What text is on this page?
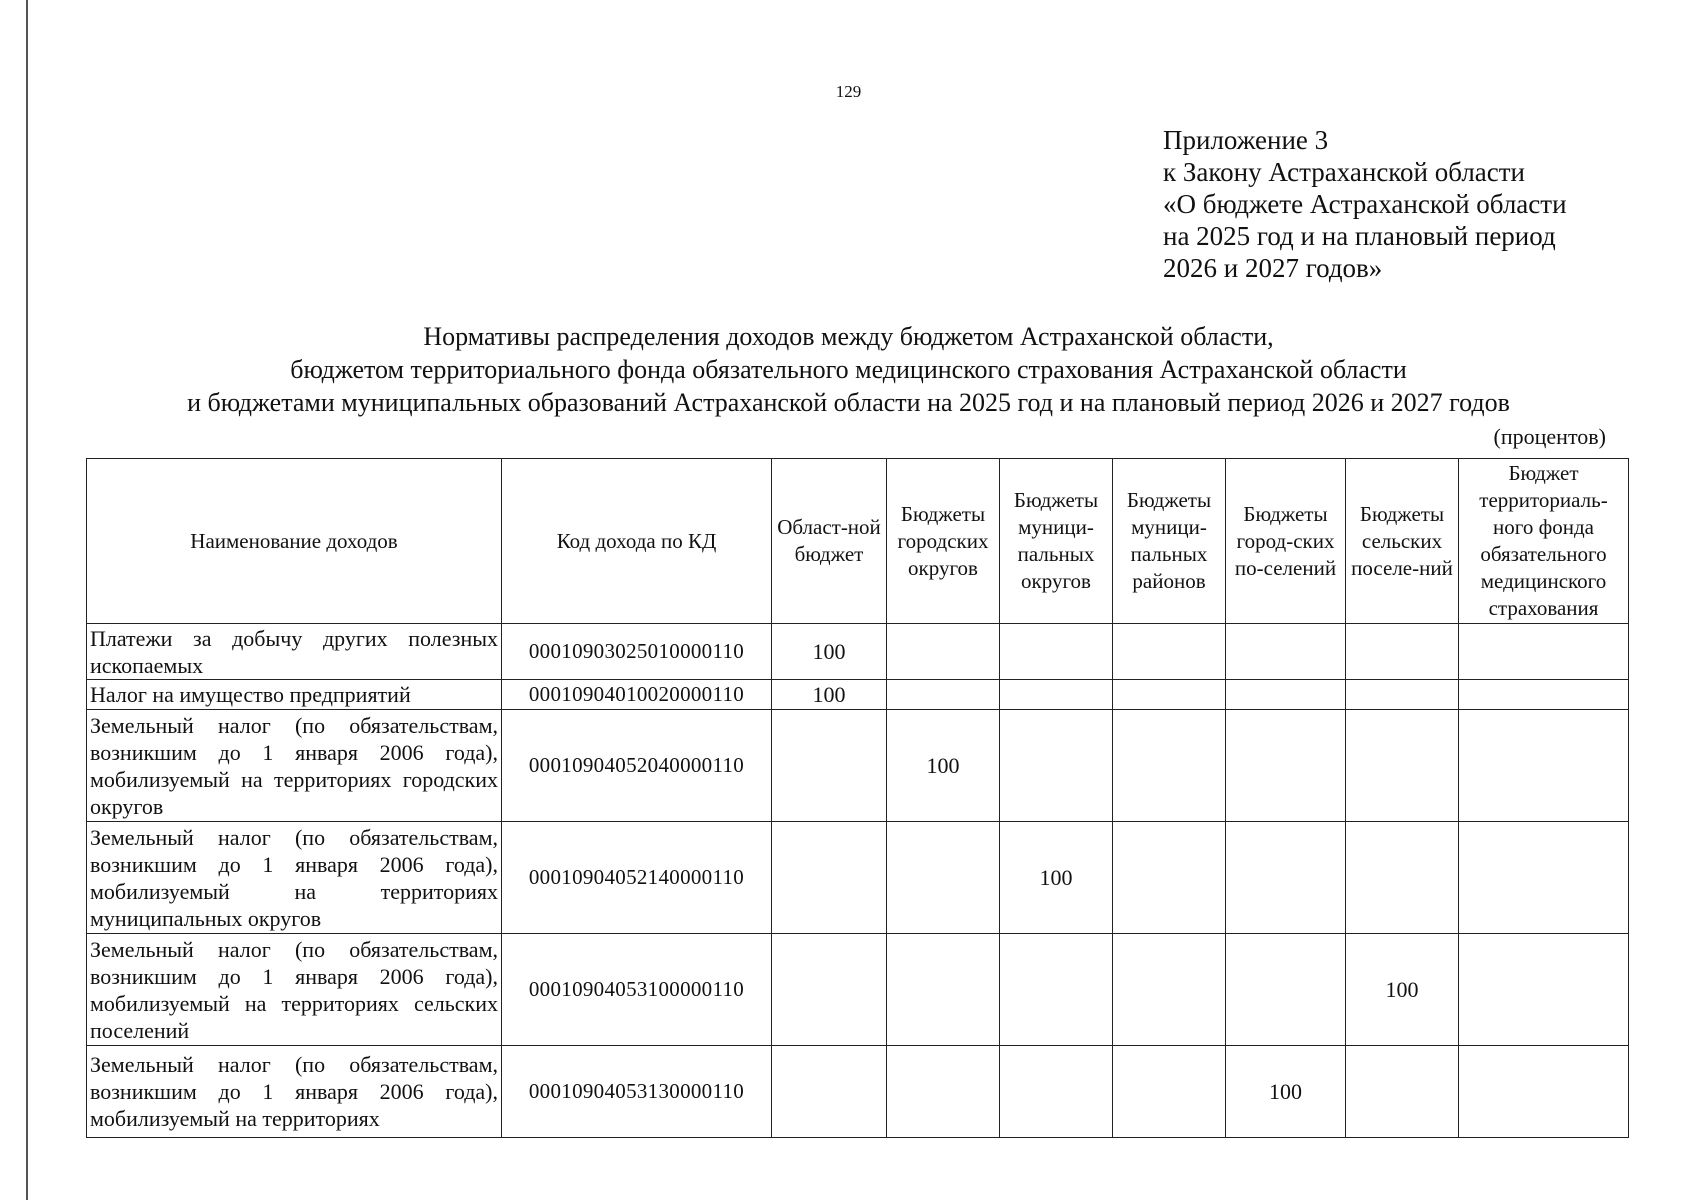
129
Приложение 3
к Закону Астраханской области
«О бюджете Астраханской области
на 2025 год и на плановый период
2026 и 2027 годов»
Нормативы распределения доходов между бюджетом Астраханской области,
бюджетом территориального фонда обязательного медицинского страхования Астраханской области
и бюджетами муниципальных образований Астраханской области на 2025 год и на плановый период 2026 и 2027 годов
(процентов)
Наименование доходов	Код дохода по КД	Област-ной бюджет	Бюджеты городских округов	Бюджеты муници-пальных округов	Бюджеты муници-пальных районов	Бюджеты город-ских по-селений	Бюджеты сельских поселе-ний	Бюджет территориаль-ного фонда обязательного медицинского страхования
Платежи за добычу других полезных ископаемых	00010903025010000110	100						
Налог на имущество предприятий	00010904010020000110	100						
Земельный налог (по обязательствам, возникшим до 1 января 2006 года), мобилизуемый на территориях городских округов	00010904052040000110		100					
Земельный налог (по обязательствам, возникшим до 1 января 2006 года), мобилизуемый на территориях муниципальных округов	00010904052140000110			100				
Земельный налог (по обязательствам, возникшим до 1 января 2006 года), мобилизуемый на территориях сельских поселений	00010904053100000110						100	
Земельный налог (по обязательствам, возникшим до 1 января 2006 года), мобилизуемый на территориях	00010904053130000110					100		
